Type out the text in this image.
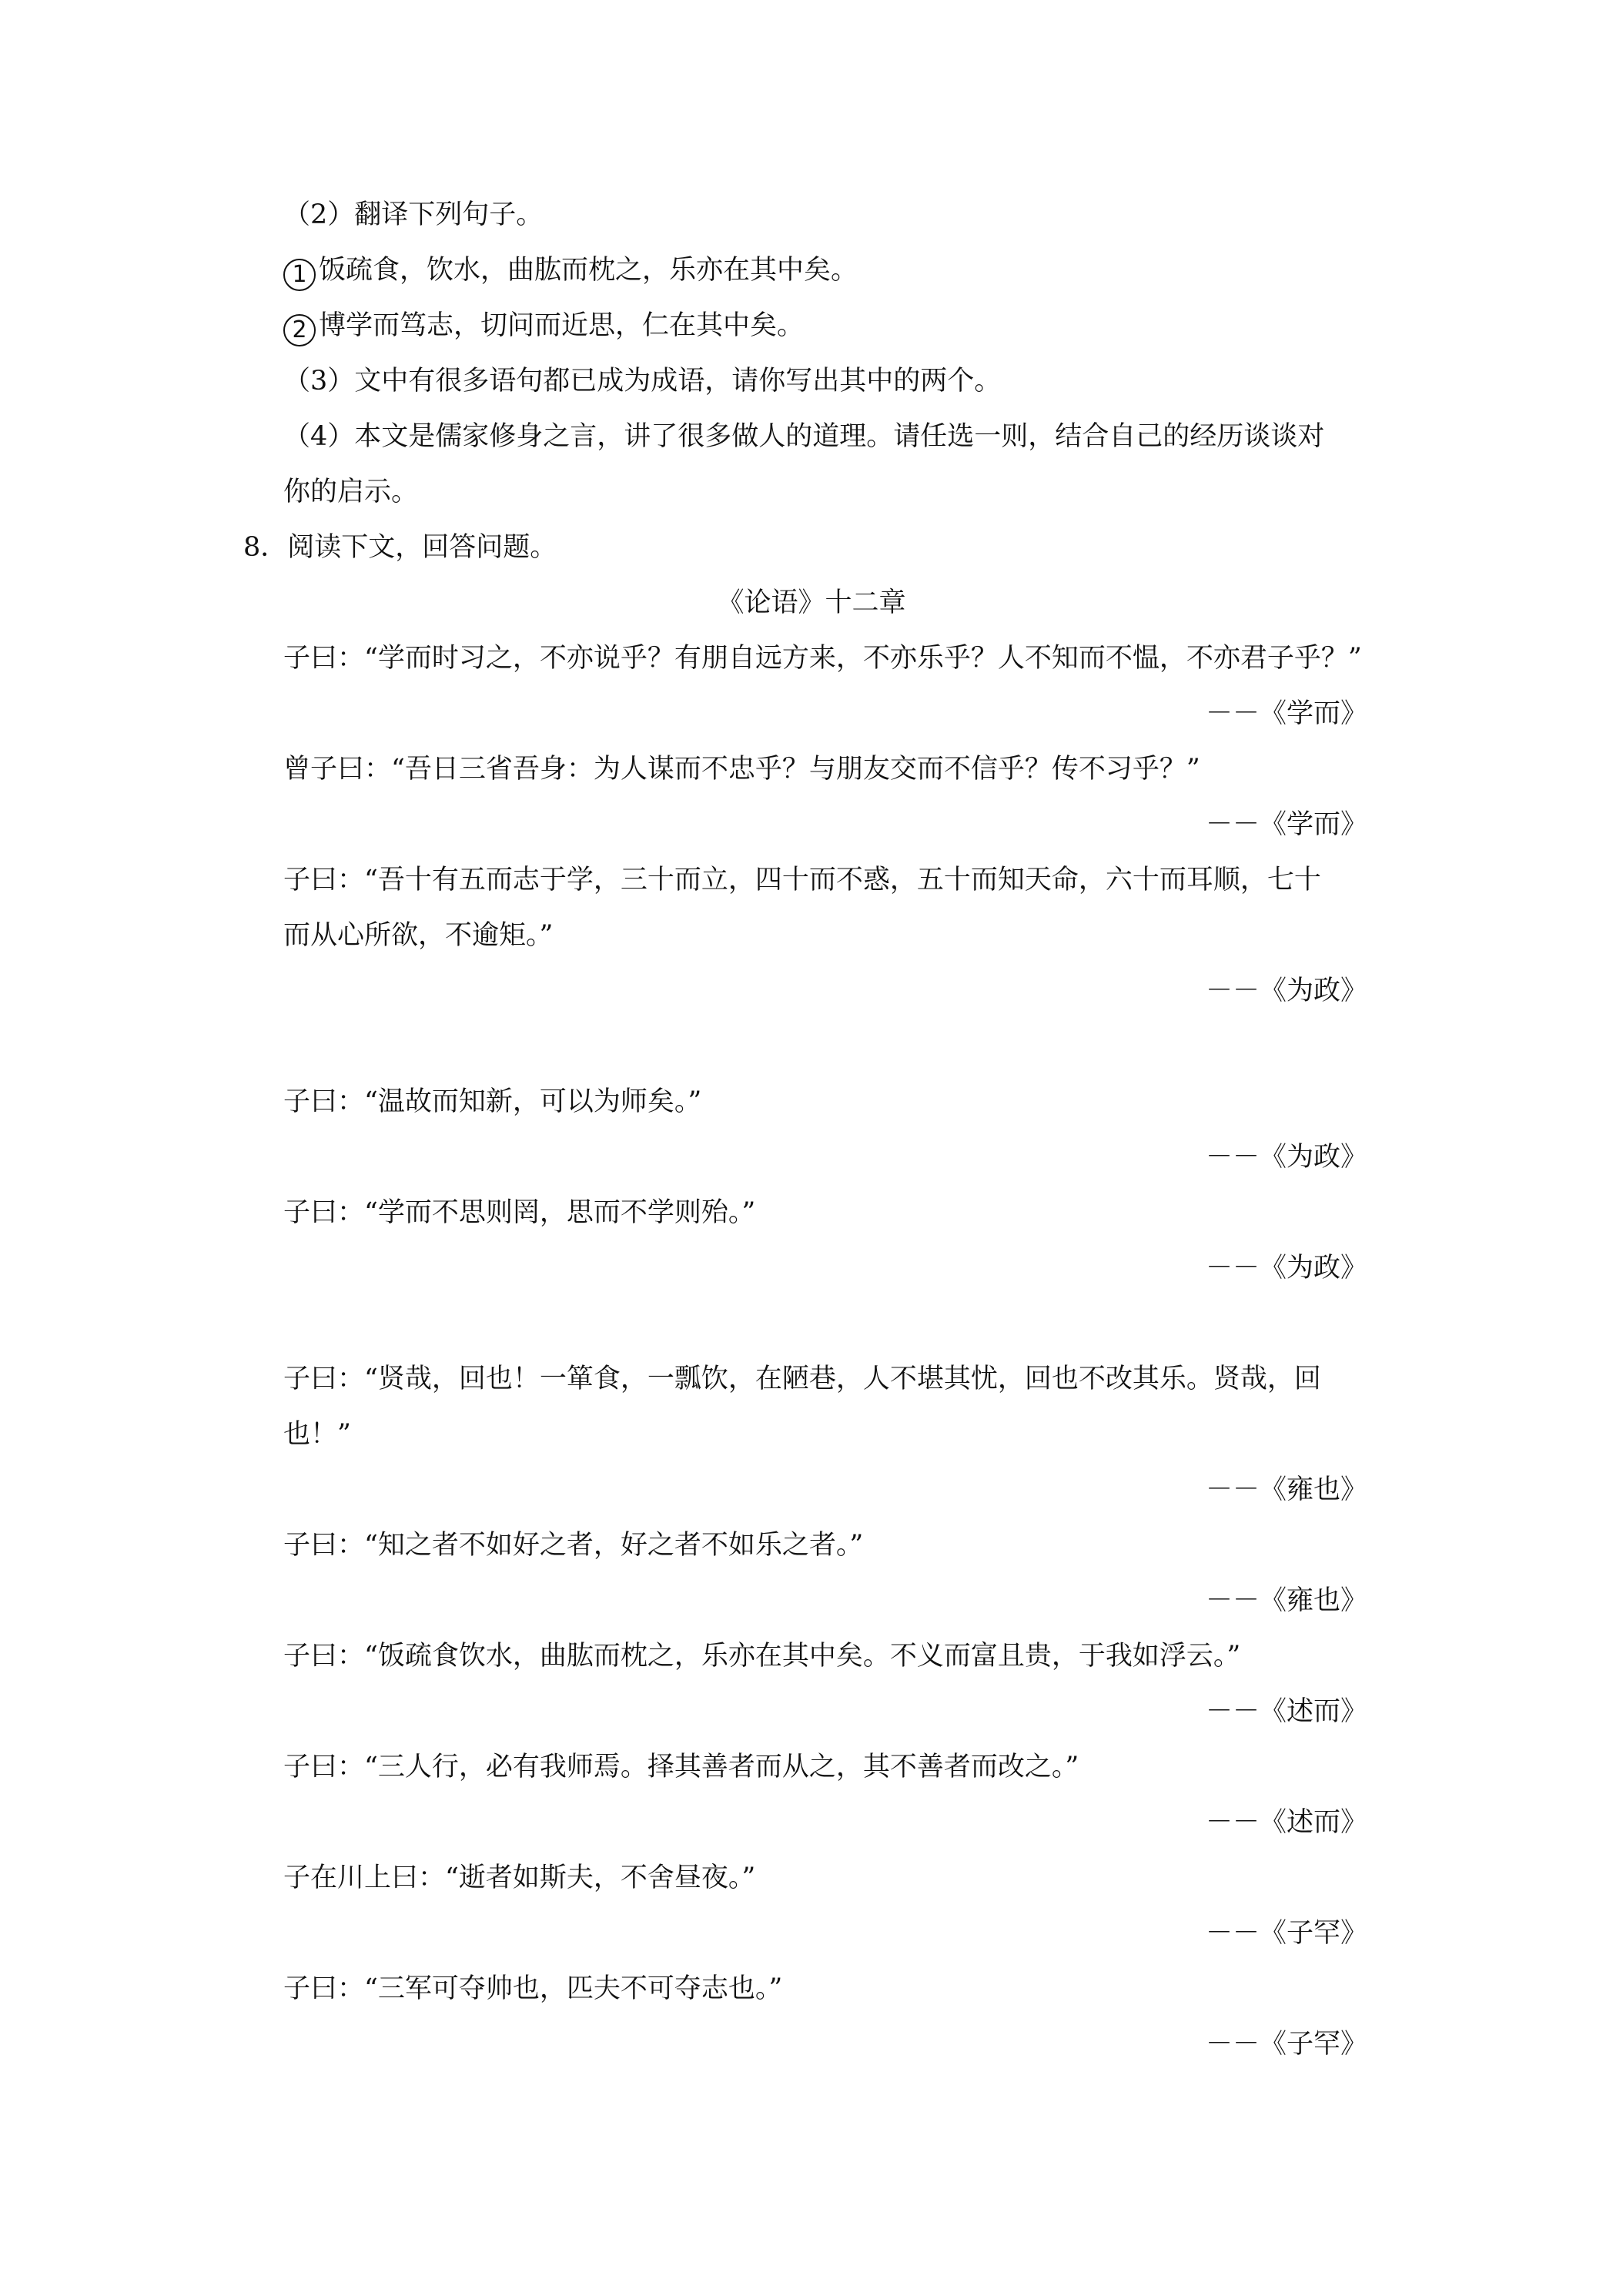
（2）翻译下列句子。
1 饭疏食，饮水，曲肱而枕之，乐亦在其中矣。
2 博学而笃志，切问而近思，仁在其中矣。
（3）文中有很多语句都已成为成语，请你写出其中的两个。
（4）本文是儒家修身之言，讲了很多做人的道理。请任选一则，结合自己的经历谈谈对
你的启示。
8．阅读下文，回答问题。
《论语》十二章
子曰：“学而时习之，不亦说乎？有朋自远方来，不亦乐乎？人不知而不愠，不亦君子乎？”
－－《学而》
曾子曰：“吾日三省吾身：为人谋而不忠乎？与朋友交而不信乎？传不习乎？”
－－《学而》
子曰：“吾十有五而志于学，三十而立，四十而不惑，五十而知天命，六十而耳顺，七十
而从心所欲，不逾矩。”
－－《为政》
子曰：“温故而知新，可以为师矣。”
－－《为政》
子曰：“学而不思则罔，思而不学则殆。”
－－《为政》
子曰：“贤哉，回也！一箪食，一瓢饮，在陋巷，人不堪其忧，回也不改其乐。贤哉，回
也！”
－－《雍也》
子曰：“知之者不如好之者，好之者不如乐之者。”
－－《雍也》
子曰：“饭疏食饮水，曲肱而枕之，乐亦在其中矣。不义而富且贵，于我如浮云。”
－－《述而》
子曰：“三人行，必有我师焉。择其善者而从之，其不善者而改之。”
－－《述而》
子在川上曰：“逝者如斯夫，不舍昼夜。”
－－《子罕》
子曰：“三军可夺帅也，匹夫不可夺志也。”
－－《子罕》
